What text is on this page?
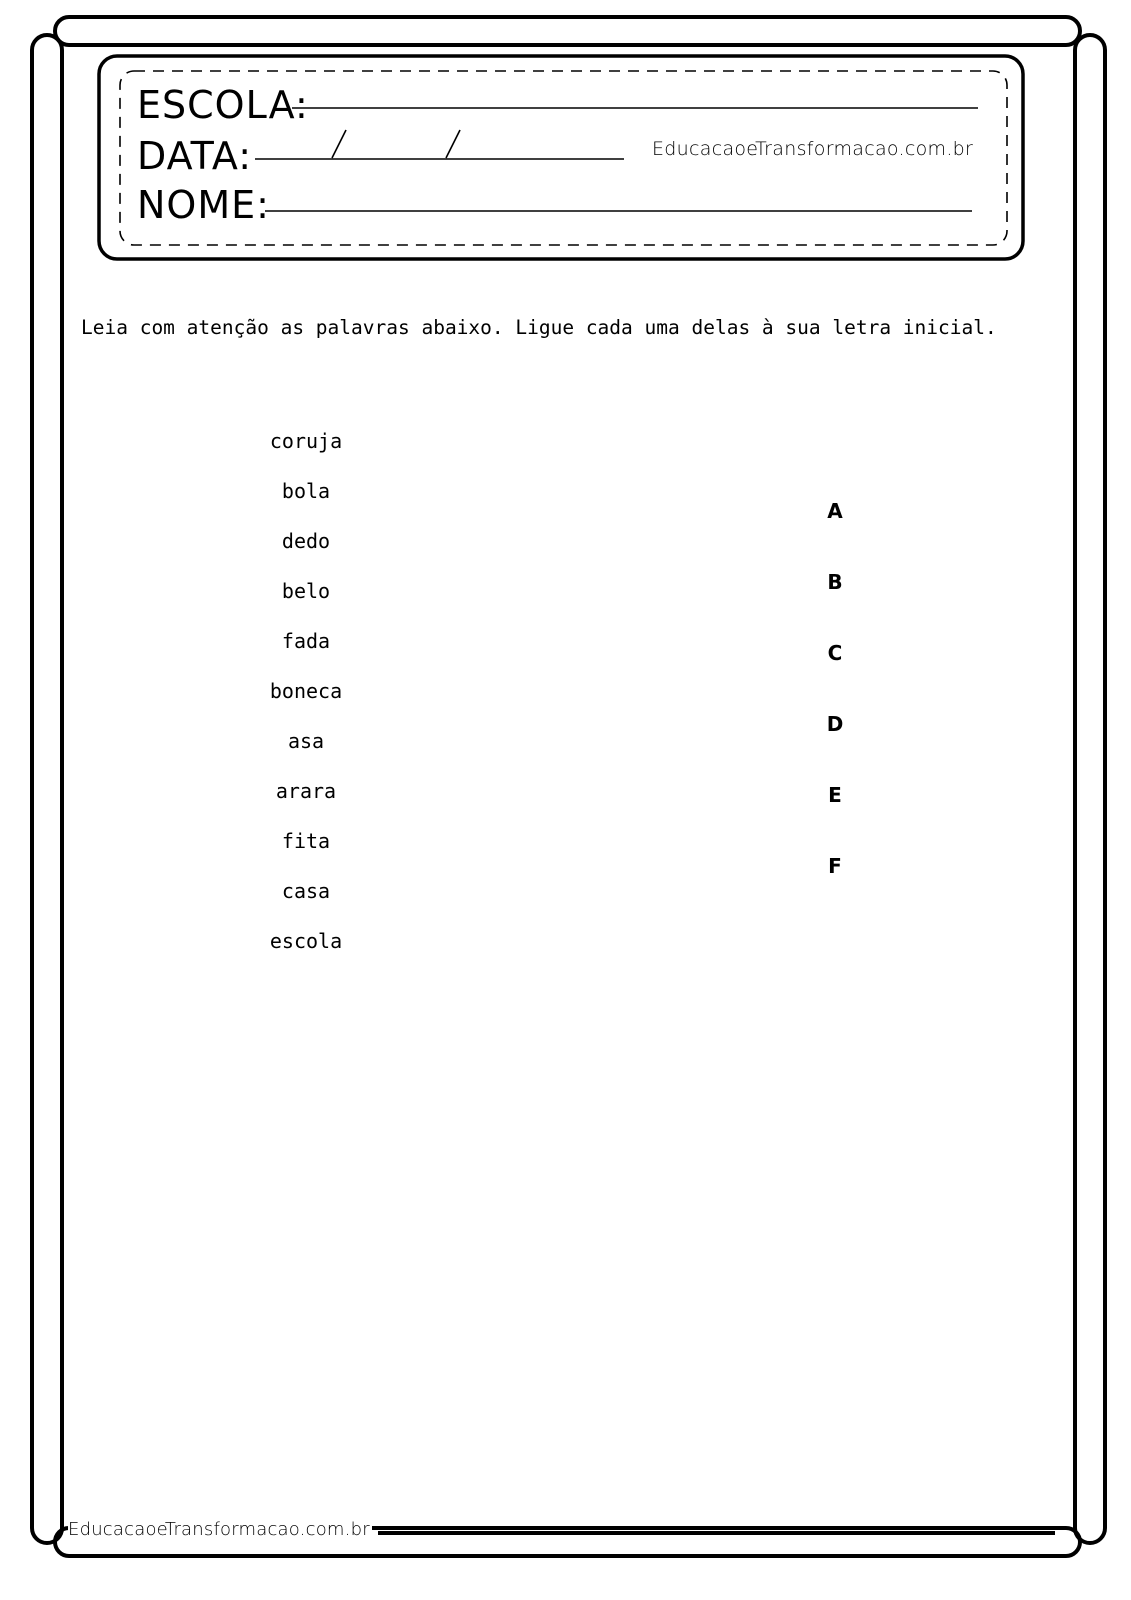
ESCOLA:
DATA:
NOME:
EducacaoeTransformacao.com.br
Leia com atenção as palavras abaixo. Ligue cada uma delas à sua letra inicial.
coruja
bola
dedo
belo
fada
boneca
asa
arara
fita
casa
escola
A
B
C
D
E
F
EducacaoeTransformacao.com.br
